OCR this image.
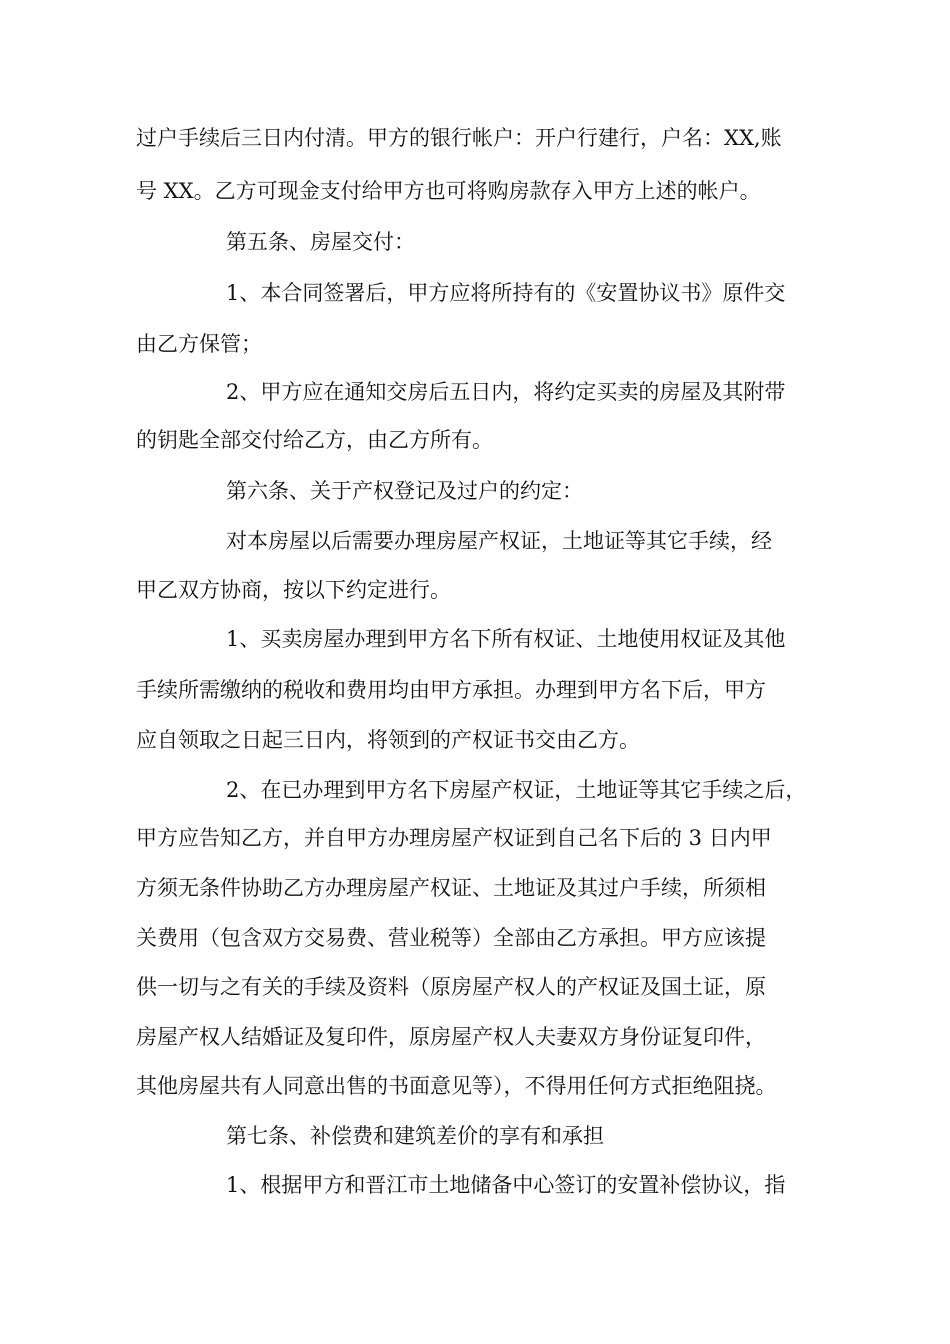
过户手续后三日内付清。甲方的银行帐户：开户行建行，户名：XX,账
号 XX。乙方可现金支付给甲方也可将购房款存入甲方上述的帐户。
第五条、房屋交付：
1、本合同签署后，甲方应将所持有的《安置协议书》原件交
由乙方保管；
2、甲方应在通知交房后五日内，将约定买卖的房屋及其附带
的钥匙全部交付给乙方，由乙方所有。
第六条、关于产权登记及过户的约定：
对本房屋以后需要办理房屋产权证，土地证等其它手续，经
甲乙双方协商，按以下约定进行。
1、买卖房屋办理到甲方名下所有权证、土地使用权证及其他
手续所需缴纳的税收和费用均由甲方承担。办理到甲方名下后，甲方
应自领取之日起三日内，将领到的产权证书交由乙方。
2、在已办理到甲方名下房屋产权证，土地证等其它手续之后，
甲方应告知乙方，并自甲方办理房屋产权证到自己名下后的 3 日内甲
方须无条件协助乙方办理房屋产权证、土地证及其过户手续，所须相
关费用（包含双方交易费、营业税等）全部由乙方承担。甲方应该提
供一切与之有关的手续及资料（原房屋产权人的产权证及国土证，原
房屋产权人结婚证及复印件，原房屋产权人夫妻双方身份证复印件，
其他房屋共有人同意出售的书面意见等），不得用任何方式拒绝阻挠。
第七条、补偿费和建筑差价的享有和承担
1、根据甲方和晋江市土地储备中心签订的安置补偿协议，指
